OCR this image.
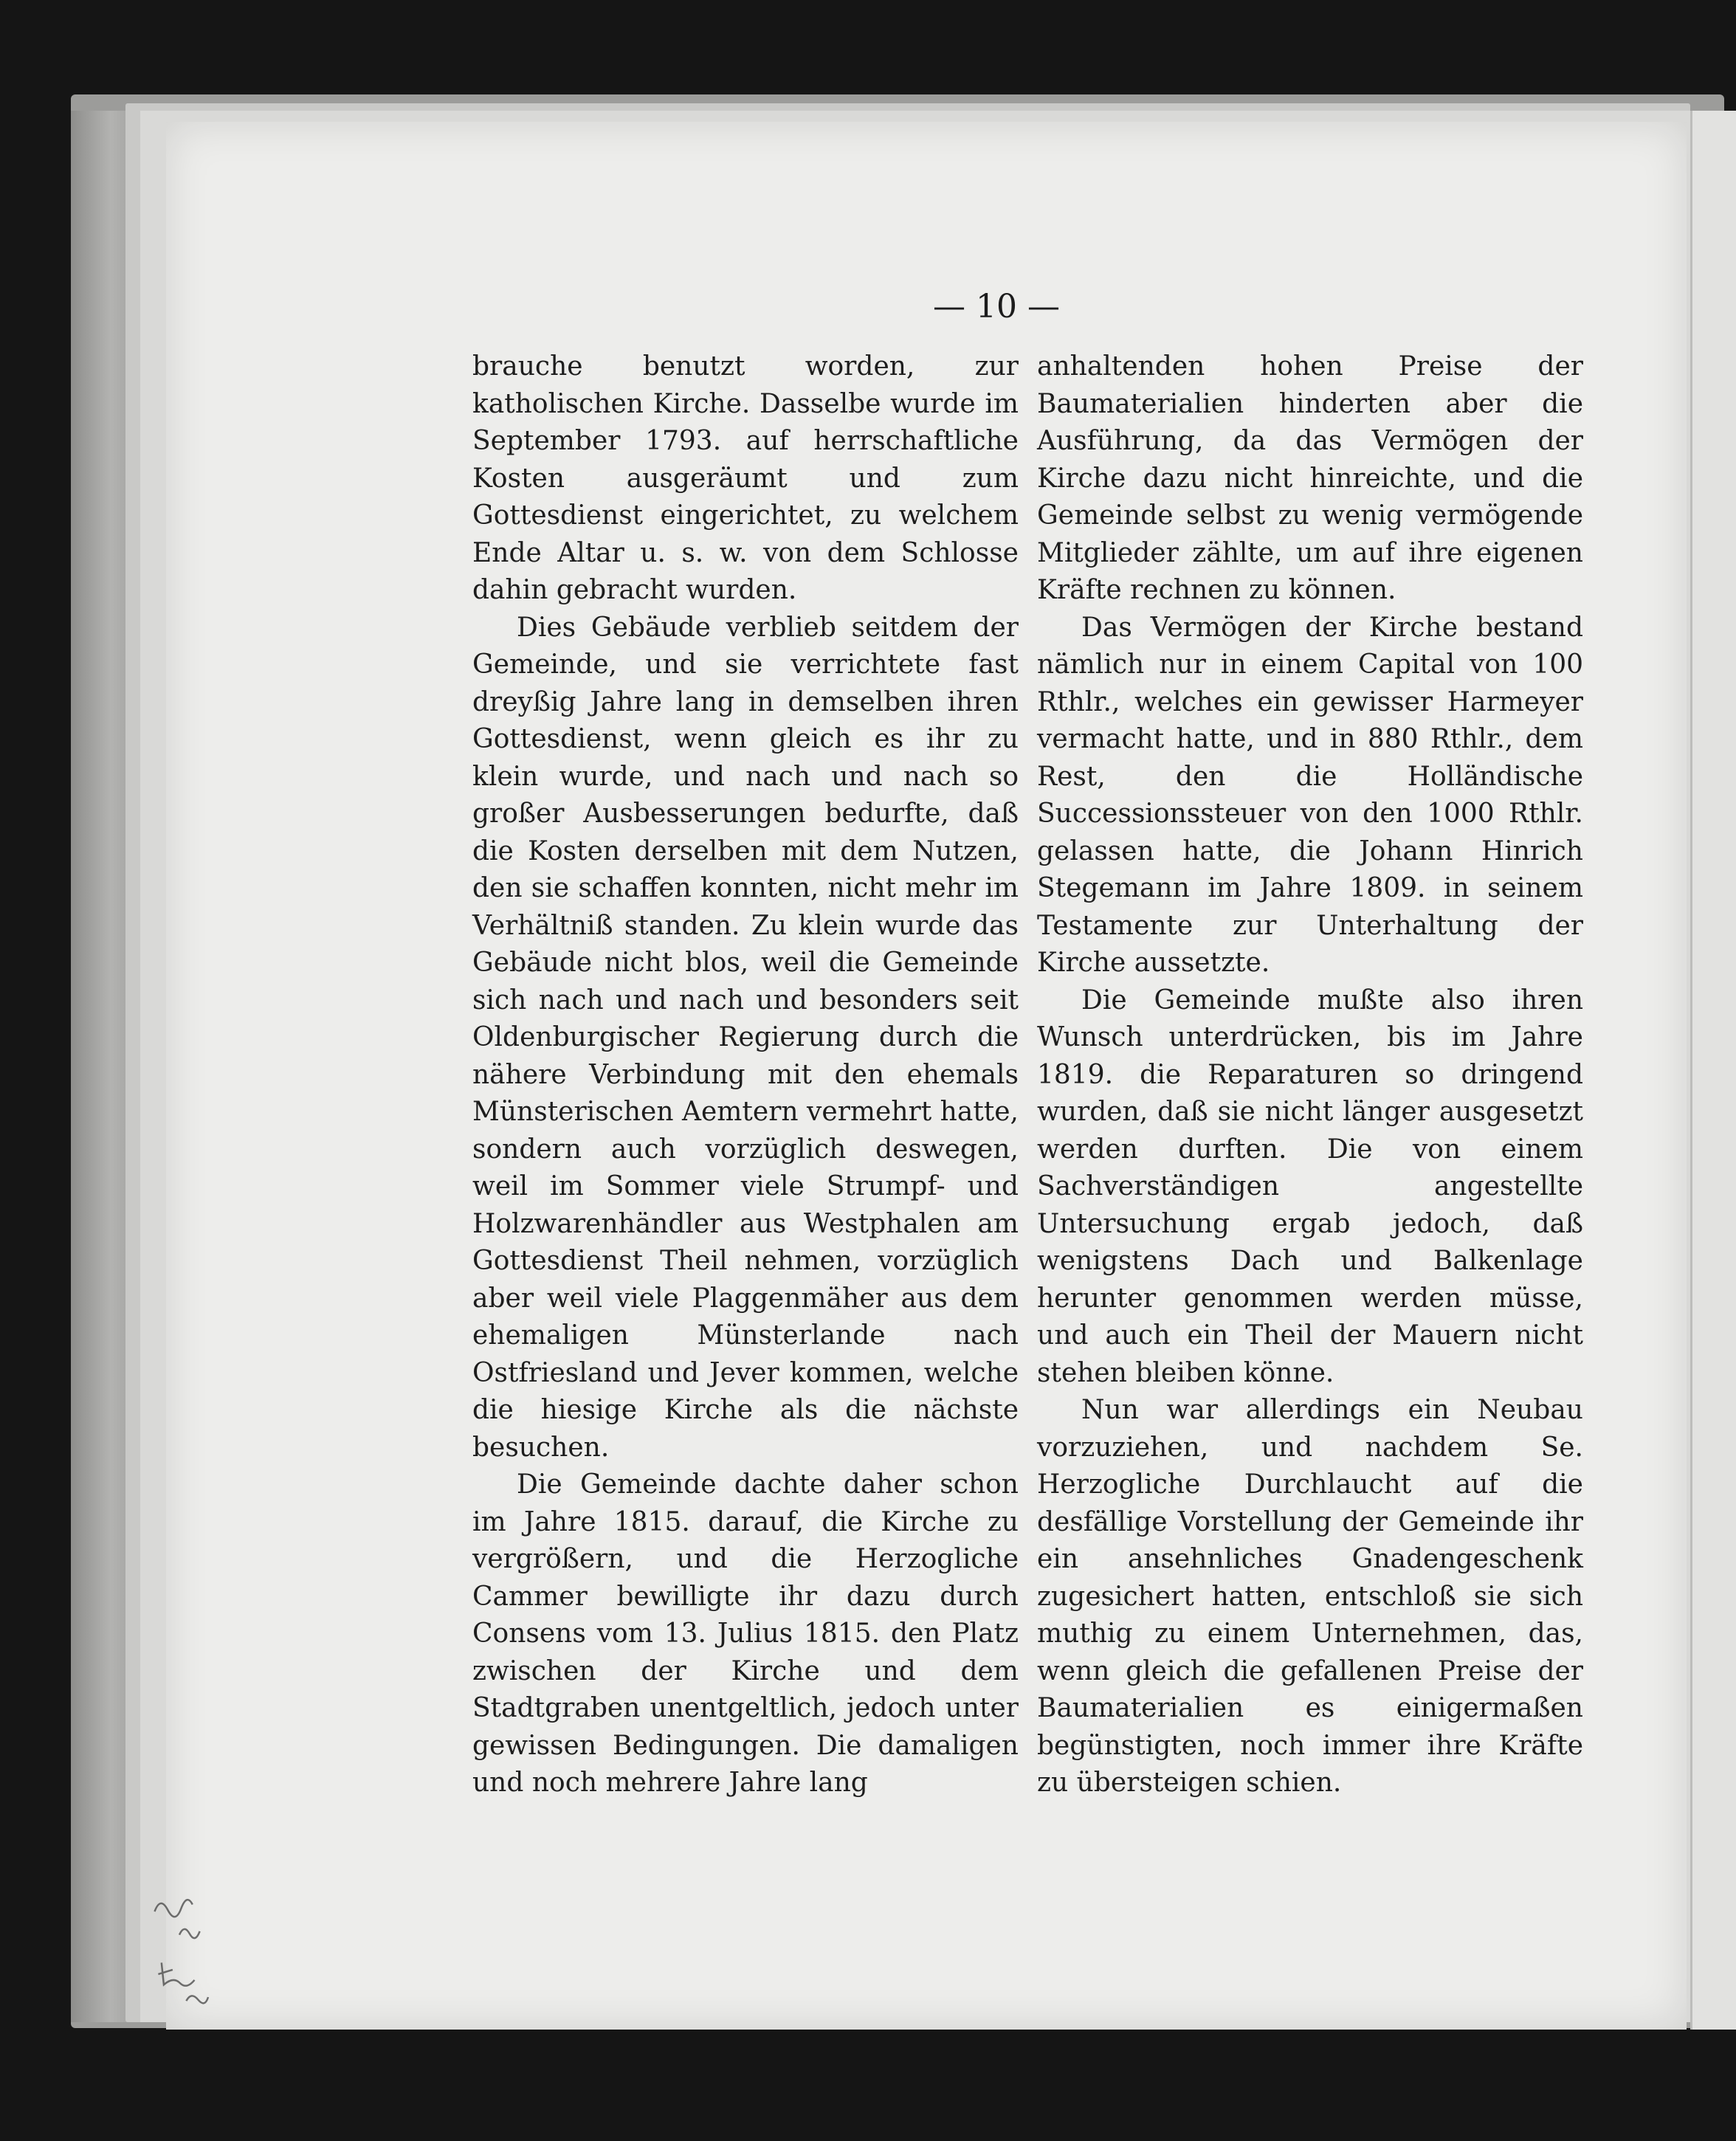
— 10 —

brauche benutzt worden, zur katholischen Kirche. Dasselbe wurde im September 1793. auf herrschaftliche Kosten ausgeräumt und zum Gottesdienst eingerichtet, zu welchem Ende Altar u. s. w. von dem Schlosse dahin gebracht wurden.

Dies Gebäude verblieb seitdem der Gemeinde, und sie verrichtete fast dreyßig Jahre lang in demselben ihren Gottesdienst, wenn gleich es ihr zu klein wurde, und nach und nach so großer Ausbesserungen bedurfte, daß die Kosten derselben mit dem Nutzen, den sie schaffen konnten, nicht mehr im Verhältniß standen. Zu klein wurde das Gebäude nicht blos, weil die Gemeinde sich nach und nach und besonders seit Oldenburgischer Regierung durch die nähere Verbindung mit den ehemals Münsterischen Aemtern vermehrt hatte, sondern auch vorzüglich deswegen, weil im Sommer viele Strumpf- und Holzwarenhändler aus Westphalen am Gottesdienst Theil nehmen, vorzüglich aber weil viele Plaggenmäher aus dem ehemaligen Münsterlande nach Ostfriesland und Jever kommen, welche die hiesige Kirche als die nächste besuchen.

Die Gemeinde dachte daher schon im Jahre 1815. darauf, die Kirche zu vergrößern, und die Herzogliche Cammer bewilligte ihr dazu durch Consens vom 13. Julius 1815. den Platz zwischen der Kirche und dem Stadtgraben unentgeltlich, jedoch unter gewissen Bedingungen. Die damaligen und noch mehrere Jahre lang

anhaltenden hohen Preise der Baumaterialien hinderten aber die Ausführung, da das Vermögen der Kirche dazu nicht hinreichte, und die Gemeinde selbst zu wenig vermögende Mitglieder zählte, um auf ihre eigenen Kräfte rechnen zu können.

Das Vermögen der Kirche bestand nämlich nur in einem Capital von 100 Rthlr., welches ein gewisser Harmeyer vermacht hatte, und in 880 Rthlr., dem Rest, den die Holländische Successionssteuer von den 1000 Rthlr. gelassen hatte, die Johann Hinrich Stegemann im Jahre 1809. in seinem Testamente zur Unterhaltung der Kirche aussetzte.

Die Gemeinde mußte also ihren Wunsch unterdrücken, bis im Jahre 1819. die Reparaturen so dringend wurden, daß sie nicht länger ausgesetzt werden durften. Die von einem Sachverständigen angestellte Untersuchung ergab jedoch, daß wenigstens Dach und Balkenlage herunter genommen werden müsse, und auch ein Theil der Mauern nicht stehen bleiben könne.

Nun war allerdings ein Neubau vorzuziehen, und nachdem Se. Herzogliche Durchlaucht auf die desfällige Vorstellung der Gemeinde ihr ein ansehnliches Gnadengeschenk zugesichert hatten, entschloß sie sich muthig zu einem Unternehmen, das, wenn gleich die gefallenen Preise der Baumaterialien es einigermaßen begünstigten, noch immer ihre Kräfte zu übersteigen schien.
